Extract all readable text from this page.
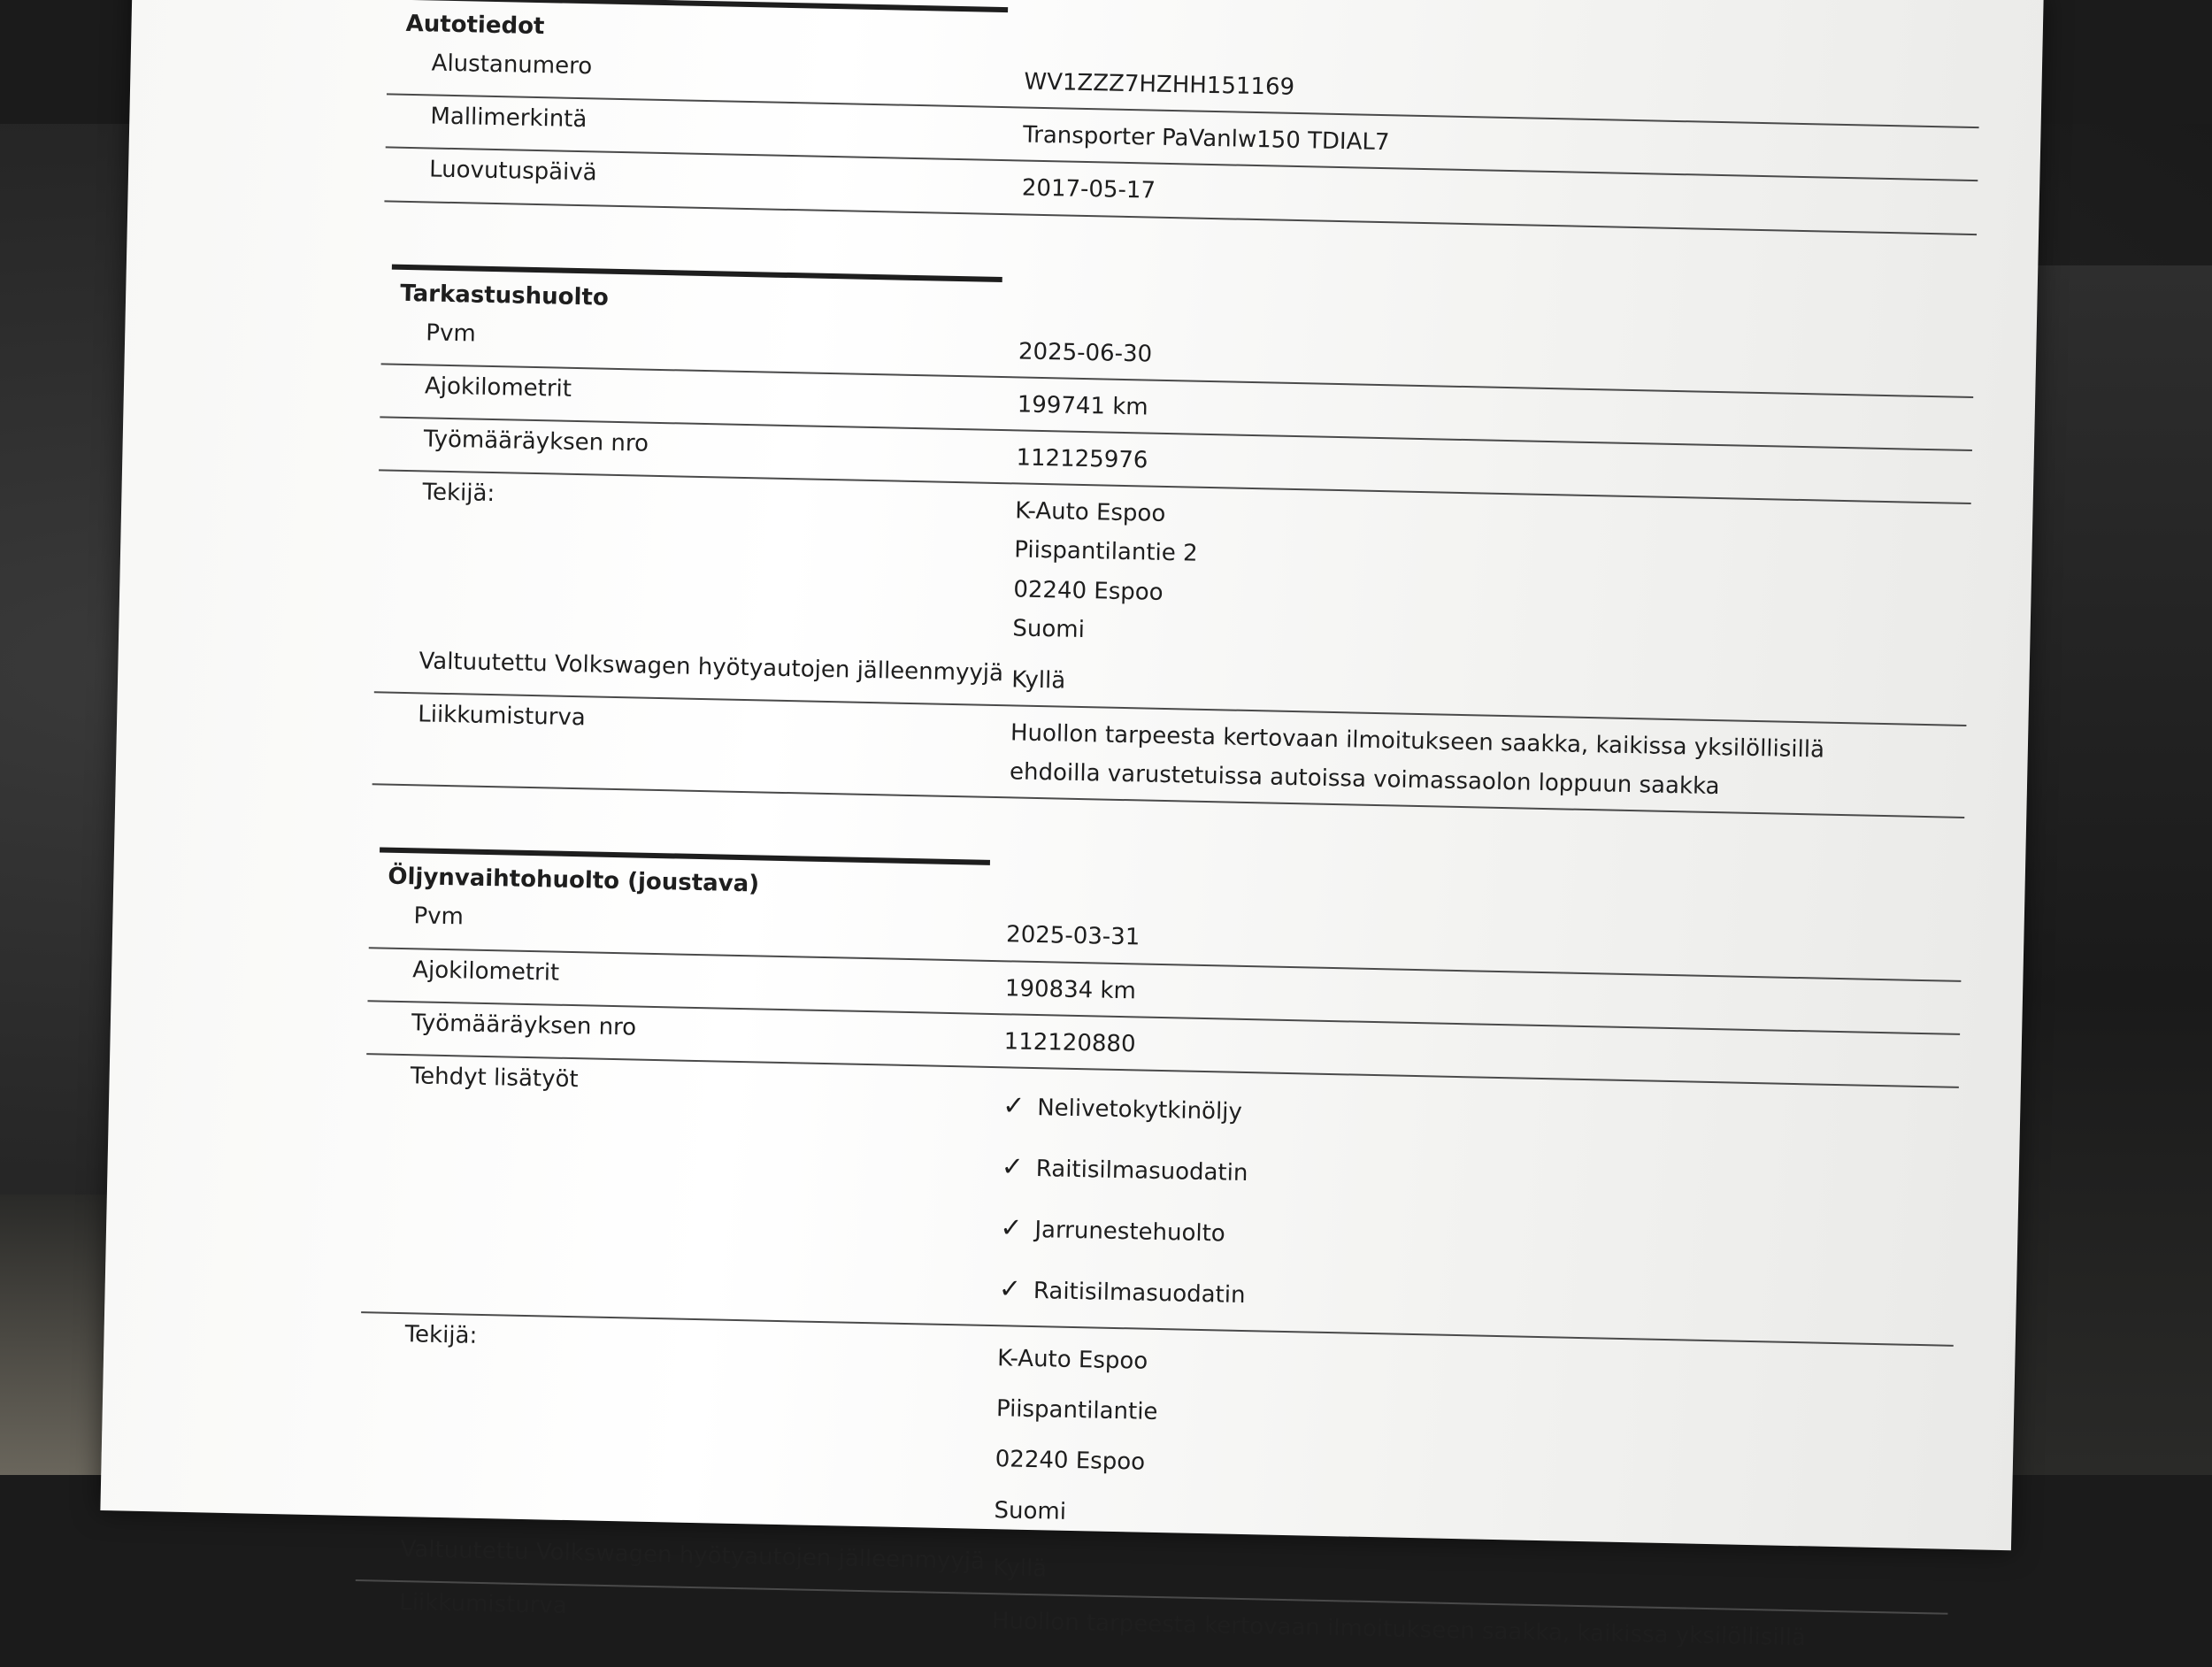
Autotiedot
Alustanumero
WV1ZZZ7HZHH151169
Mallimerkintä
Transporter PaVanlw150 TDIAL7
Luovutuspäivä
2017-05-17
Tarkastushuolto
Pvm
2025-06-30
Ajokilometrit
199741 km
Työmääräyksen nro
112125976
Tekijä:
K-Auto Espoo
Piispantilantie 2
02240 Espoo
Suomi
Valtuutettu Volkswagen hyötyautojen jälleenmyyjä Kyllä
Liikkumisturva
Huollon tarpeesta kertovaan ilmoitukseen saakka, kaikissa yksilöllisillä
ehdoilla varustetuissa autoissa voimassaolon loppuun saakka
Öljynvaihtohuolto (joustava)
Pvm
2025-03-31
Ajokilometrit
190834 km
Työmääräyksen nro
112120880
Tehdyt lisätyöt
✓ Nelivetokytkinöljy
✓ Raitisilmasuodatin
✓ Jarrunestehuolto
✓ Raitisilmasuodatin
Tekijä:
K-Auto Espoo
Piispantilantie
02240 Espoo
Suomi
Valtuutettu Volkswagen hyötyautojen jälleenmyyjä Kyllä
Liikkumisturva
Huollon tarpeesta kertovaan ilmoitukseen saakka, kaikissa yksilöllisillä
